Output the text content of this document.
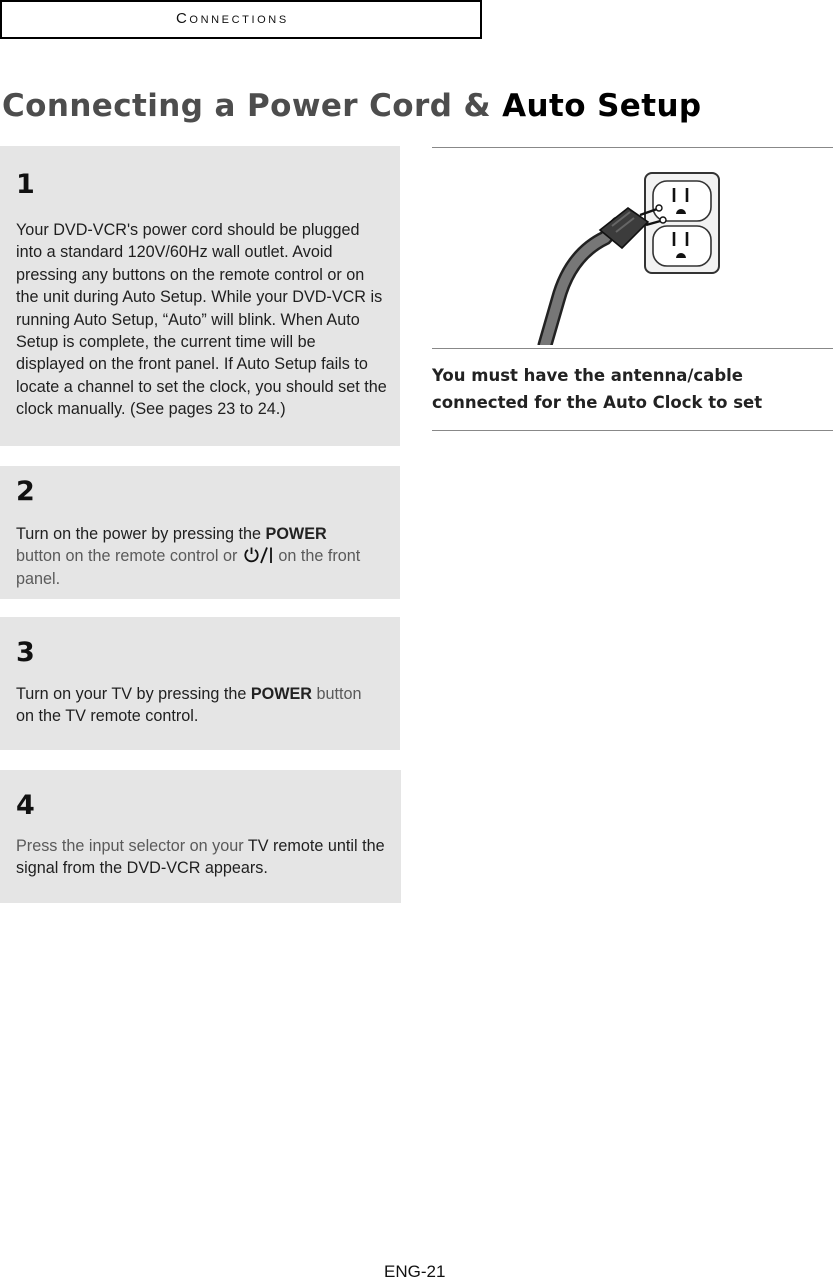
Connections
Connecting a Power Cord & Auto Setup
1
Your DVD-VCR's power cord should be plugged into a standard 120V/60Hz wall outlet. Avoid pressing any buttons on the remote control or on the unit during Auto Setup. While your DVD-VCR is running Auto Setup, “Auto” will blink. When Auto Setup is complete, the current time will be displayed on the front panel. If Auto Setup fails to locate a channel to set the clock, you should set the clock manually. (See pages 23 to 24.)
2
Turn on the power by pressing the POWER
button on the remote control or  on the front panel.
3
Turn on your TV by pressing the POWER button
on the TV remote control.
4
Press the input selector on your TV remote until the signal from the DVD-VCR appears.
You must have the antenna/cable connected for the Auto Clock to set
ENG-21
